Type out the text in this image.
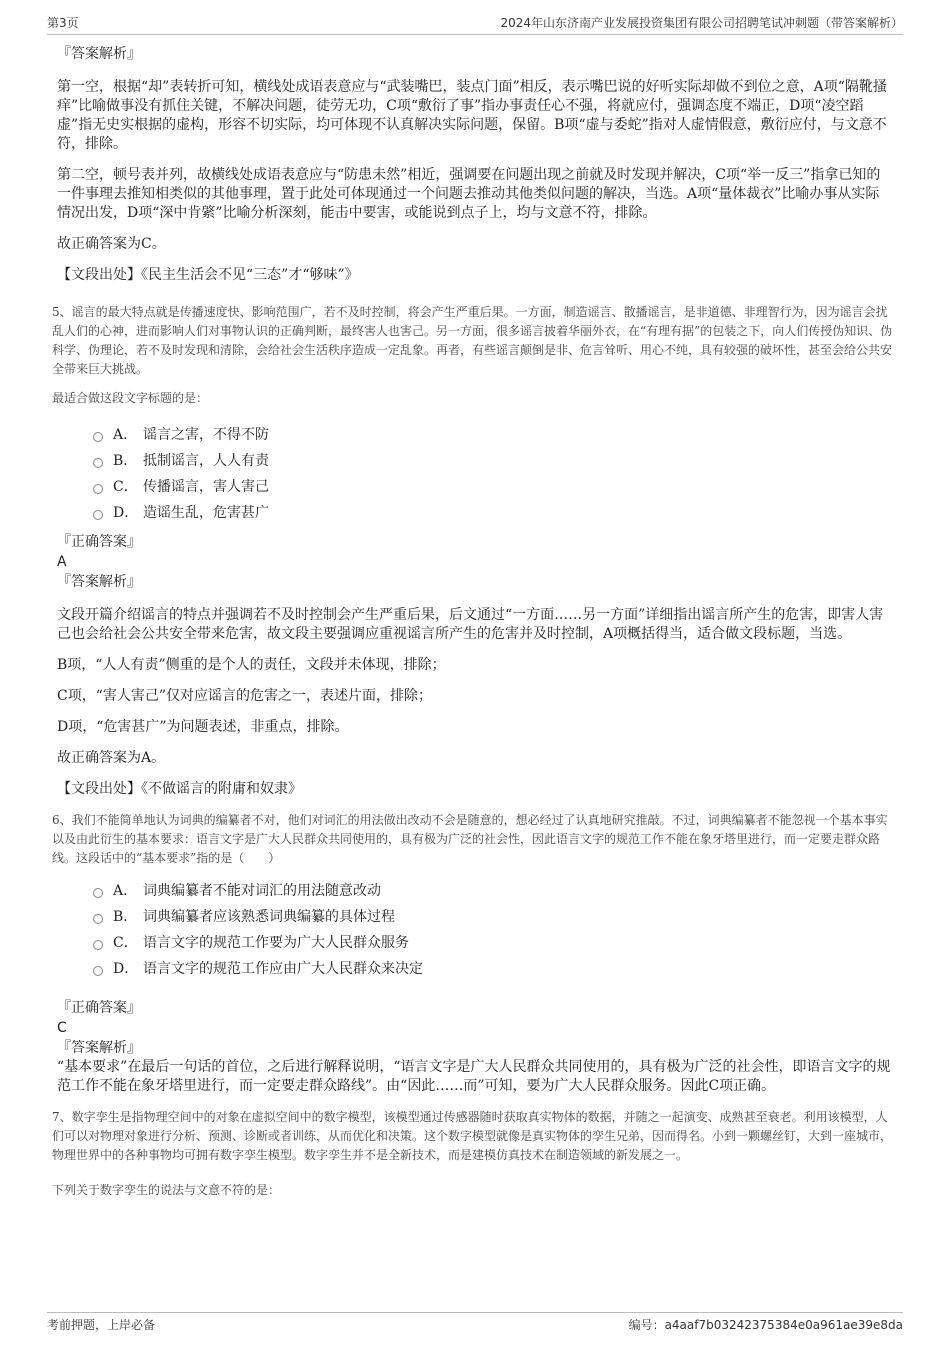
第3页	2024年山东济南产业发展投资集团有限公司招聘笔试冲刺题（带答案解析）

『答案解析』

第一空，根据“却”表转折可知，横线处成语表意应与“武装嘴巴，装点门面”相反，表示嘴巴说的好听实际却做不到位之意，A项“隔靴搔痒”比喻做事没有抓住关键，不解决问题，徒劳无功，C项“敷衍了事”指办事责任心不强，将就应付，强调态度不端正，D项“凌空蹈虚”指无史实根据的虚构，形容不切实际，均可体现不认真解决实际问题，保留。B项“虚与委蛇”指对人虚情假意，敷衍应付，与文意不符，排除。

第二空，顿号表并列，故横线处成语表意应与“防患未然”相近，强调要在问题出现之前就及时发现并解决，C项“举一反三”指拿已知的一件事理去推知相类似的其他事理，置于此处可体现通过一个问题去推动其他类似问题的解决，当选。A项“量体裁衣”比喻办事从实际情况出发，D项“深中肯綮”比喻分析深刻，能击中要害，或能说到点子上，均与文意不符，排除。

故正确答案为C。

【文段出处】《民主生活会不见“三态”才“够味”》

5、谣言的最大特点就是传播速度快、影响范围广，若不及时控制，将会产生严重后果。一方面，制造谣言、散播谣言，是非道德、非理智行为，因为谣言会扰乱人们的心神，进而影响人们对事物认识的正确判断，最终害人也害己。另一方面，很多谣言披着华丽外衣，在“有理有据”的包装之下，向人们传授伪知识、伪科学、伪理论，若不及时发现和清除，会给社会生活秩序造成一定乱象。再者，有些谣言颠倒是非、危言耸听、用心不纯，具有较强的破坏性，甚至会给公共安全带来巨大挑战。

最适合做这段文字标题的是：

A． 谣言之害，不得不防
B． 抵制谣言，人人有责
C． 传播谣言，害人害己
D． 造谣生乱，危害甚广

『正确答案』

A

『答案解析』

文段开篇介绍谣言的特点并强调若不及时控制会产生严重后果，后文通过“一方面……另一方面”详细指出谣言所产生的危害，即害人害己也会给社会公共安全带来危害，故文段主要强调应重视谣言所产生的危害并及时控制，A项概括得当，适合做文段标题，当选。

B项，“人人有责”侧重的是个人的责任，文段并未体现，排除；

C项，“害人害己”仅对应谣言的危害之一，表述片面，排除；

D项，“危害甚广”为问题表述，非重点，排除。

故正确答案为A。

【文段出处】《不做谣言的附庸和奴隶》

6、我们不能简单地认为词典的编纂者不对，他们对词汇的用法做出改动不会是随意的，想必经过了认真地研究推敲。不过，词典编纂者不能忽视一个基本事实以及由此衍生的基本要求：语言文字是广大人民群众共同使用的，具有极为广泛的社会性，因此语言文字的规范工作不能在象牙塔里进行，而一定要走群众路线。这段话中的“基本要求”指的是（　　）

A． 词典编纂者不能对词汇的用法随意改动
B． 词典编纂者应该熟悉词典编纂的具体过程
C． 语言文字的规范工作要为广大人民群众服务
D． 语言文字的规范工作应由广大人民群众来决定

『正确答案』

C

『答案解析』

“基本要求”在最后一句话的首位，之后进行解释说明，“语言文字是广大人民群众共同使用的，具有极为广泛的社会性，即语言文字的规范工作不能在象牙塔里进行，而一定要走群众路线”。由“因此……而”可知，要为广大人民群众服务。因此C项正确。

7、数字孪生是指物理空间中的对象在虚拟空间中的数字模型，该模型通过传感器随时获取真实物体的数据，并随之一起演变、成熟甚至衰老。利用该模型，人们可以对物理对象进行分析、预测、诊断或者训练，从而优化和决策。这个数字模型就像是真实物体的孪生兄弟，因而得名。小到一颗螺丝钉，大到一座城市，物理世界中的各种事物均可拥有数字孪生模型。数字孪生并不是全新技术，而是建模仿真技术在制造领域的新发展之一。

下列关于数字孪生的说法与文意不符的是：

考前押题，上岸必备	编号：a4aaf7b03242375384e0a961ae39e8da
